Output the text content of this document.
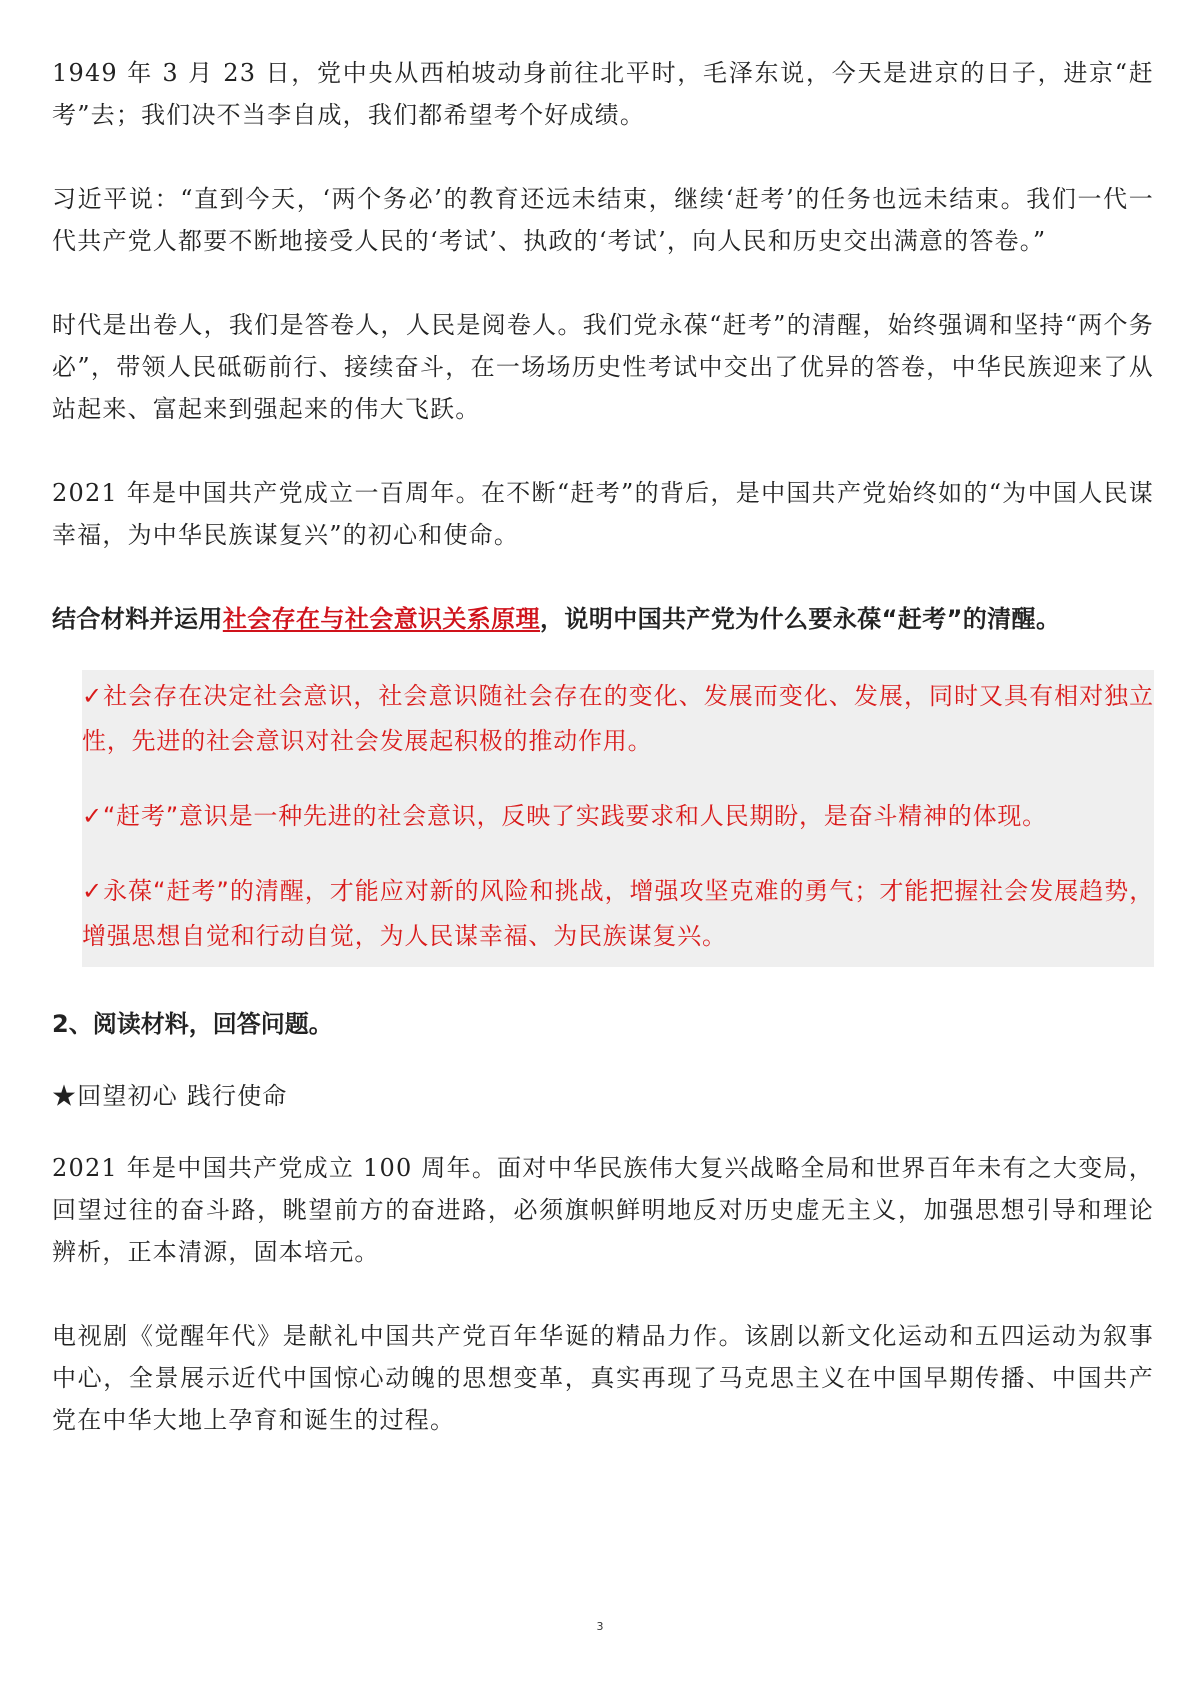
1949 年 3 月 23 日，党中央从西柏坡动身前往北平时，毛泽东说，今天是进京的日子，进京“赶考”去；我们决不当李自成，我们都希望考个好成绩。

习近平说：“直到今天，‘两个务必’的教育还远未结束，继续‘赶考’的任务也远未结束。我们一代一代共产党人都要不断地接受人民的‘考试’、执政的‘考试’，向人民和历史交出满意的答卷。”

时代是出卷人，我们是答卷人，人民是阅卷人。我们党永葆“赶考”的清醒，始终强调和坚持“两个务必”，带领人民砥砺前行、接续奋斗，在一场场历史性考试中交出了优异的答卷，中华民族迎来了从站起来、富起来到强起来的伟大飞跃。

2021 年是中国共产党成立一百周年。在不断“赶考”的背后，是中国共产党始终如的“为中国人民谋幸福，为中华民族谋复兴”的初心和使命。

结合材料并运用社会存在与社会意识关系原理，说明中国共产党为什么要永葆“赶考”的清醒。

✓社会存在决定社会意识，社会意识随社会存在的变化、发展而变化、发展，同时又具有相对独立性，先进的社会意识对社会发展起积极的推动作用。

✓“赶考”意识是一种先进的社会意识，反映了实践要求和人民期盼，是奋斗精神的体现。

✓永葆“赶考”的清醒，才能应对新的风险和挑战，增强攻坚克难的勇气；才能把握社会发展趋势，增强思想自觉和行动自觉，为人民谋幸福、为民族谋复兴。

2、阅读材料，回答问题。

★回望初心 践行使命

2021 年是中国共产党成立 100 周年。面对中华民族伟大复兴战略全局和世界百年未有之大变局，回望过往的奋斗路，眺望前方的奋进路，必须旗帜鲜明地反对历史虚无主义，加强思想引导和理论辨析，正本清源，固本培元。

电视剧《觉醒年代》是献礼中国共产党百年华诞的精品力作。该剧以新文化运动和五四运动为叙事中心，全景展示近代中国惊心动魄的思想变革，真实再现了马克思主义在中国早期传播、中国共产党在中华大地上孕育和诞生的过程。

3
